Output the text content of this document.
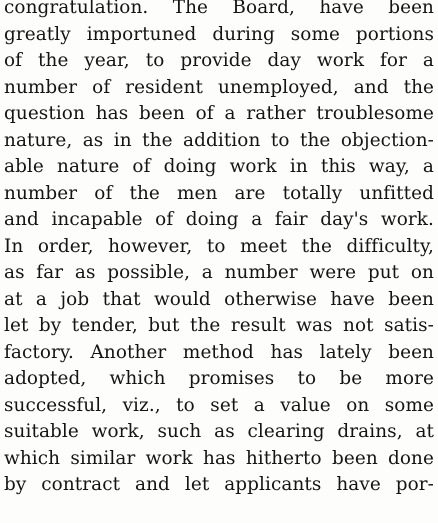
congratulation. The Board, have been
greatly importuned during some portions
of the year, to provide day work for a
number of resident unemployed, and the
question has been of a rather troublesome
nature, as in the addition to the objection-
able nature of doing work in this way, a
number of the men are totally unfitted
and incapable of doing a fair day's work.
In order, however, to meet the difficulty,
as far as possible, a number were put on
at a job that would otherwise have been
let by tender, but the result was not satis-
factory. Another method has lately been
adopted, which promises to be more
successful, viz., to set a value on some
suitable work, such as clearing drains, at
which similar work has hitherto been done
by contract and let applicants have por-
